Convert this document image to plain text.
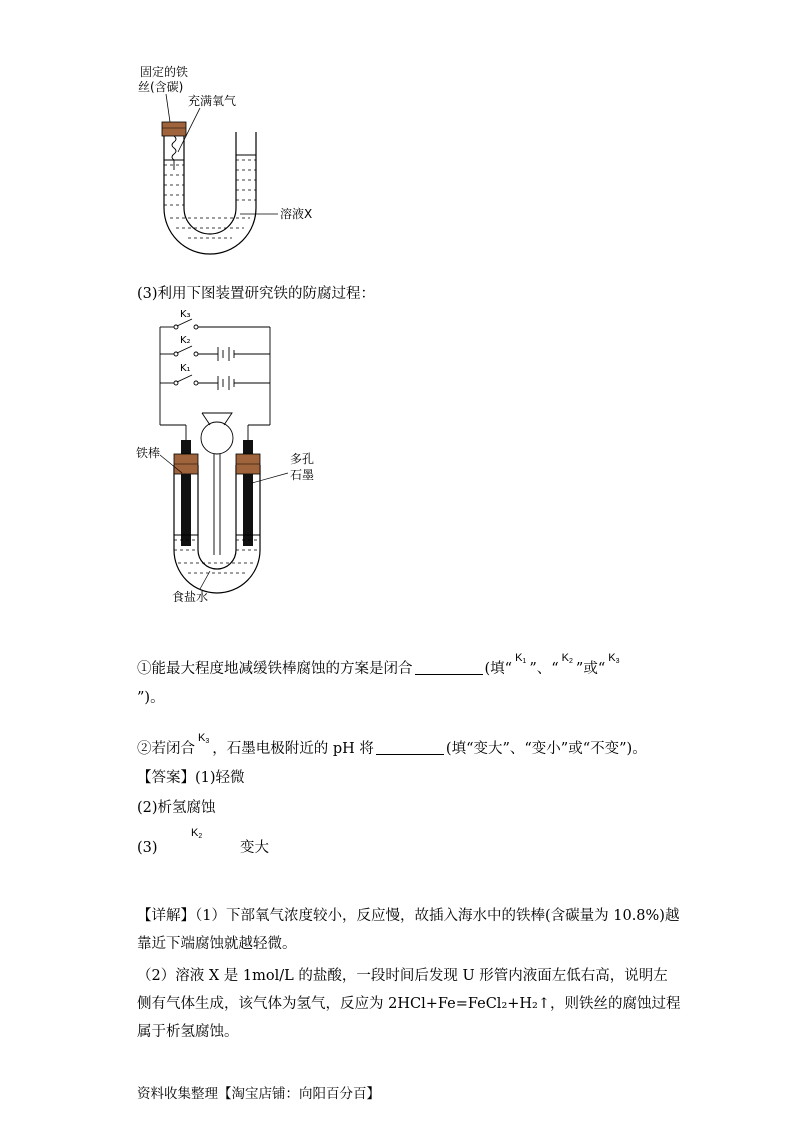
固定的铁
丝(含碳)
充满氧气
溶液X
(3)利用下图装置研究铁的防腐过程：
K₃
K₂
K₁
铁棒	多孔
石墨
食盐水
①能最大程度地减缓铁棒腐蚀的方案是闭合	(填“$K_1$ ”、“$K_2$ ”或“$K_3$
”)。
②若闭合$K_3$ ，石墨电极附近的 pH 将	(填“变大”、“变小”或“不变”)。
【答案】(1)轻微
(2)析氢腐蚀
(3)
$K_2$
变大
【详解】（1）下部氧气浓度较小，反应慢，故插入海水中的铁棒(含碳量为 10.8%)越靠近下端腐蚀就越轻微。
（2）溶液 X 是 1mol/L 的盐酸，一段时间后发现 U 形管内液面左低右高，说明左侧有气体生成，该气体为氢气，反应为 2HCl+Fe=FeCl₂+H₂↑，则铁丝的腐蚀过程属于析氢腐蚀。
资料收集整理【淘宝店铺：向阳百分百】
